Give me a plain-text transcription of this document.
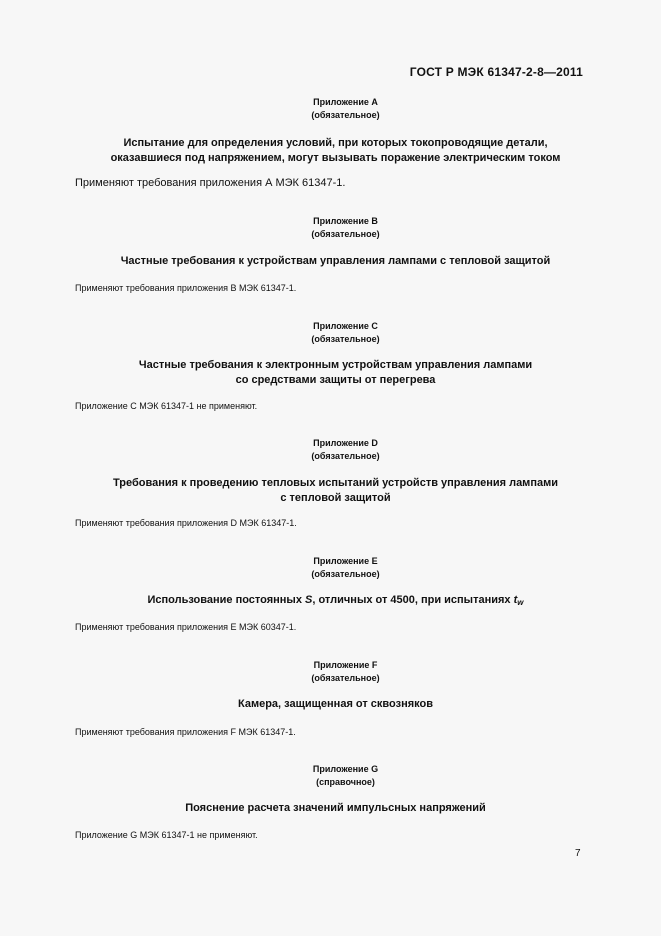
ГОСТ Р МЭК 61347-2-8—2011
Приложение А
(обязательное)
Испытание для определения условий, при которых токопроводящие детали,
оказавшиеся под напряжением, могут вызывать поражение электрическим током
Применяют требования приложения А МЭК 61347-1.
Приложение В
(обязательное)
Частные требования к устройствам управления лампами с тепловой защитой
Применяют требования приложения В МЭК 61347-1.
Приложение С
(обязательное)
Частные требования к электронным устройствам управления лампами
со средствами защиты от перегрева
Приложение С МЭК 61347-1 не применяют.
Приложение D
(обязательное)
Требования к проведению тепловых испытаний устройств управления лампами
с тепловой защитой
Применяют требования приложения D МЭК 61347-1.
Приложение Е
(обязательное)
Использование постоянных S, отличных от 4500, при испытаниях $t_w$
Применяют требования приложения Е МЭК 60347-1.
Приложение F
(обязательное)
Камера, защищенная от сквозняков
Применяют требования приложения F МЭК 61347-1.
Приложение G
(справочное)
Пояснение расчета значений импульсных напряжений
Приложение G МЭК 61347-1 не применяют.
7
